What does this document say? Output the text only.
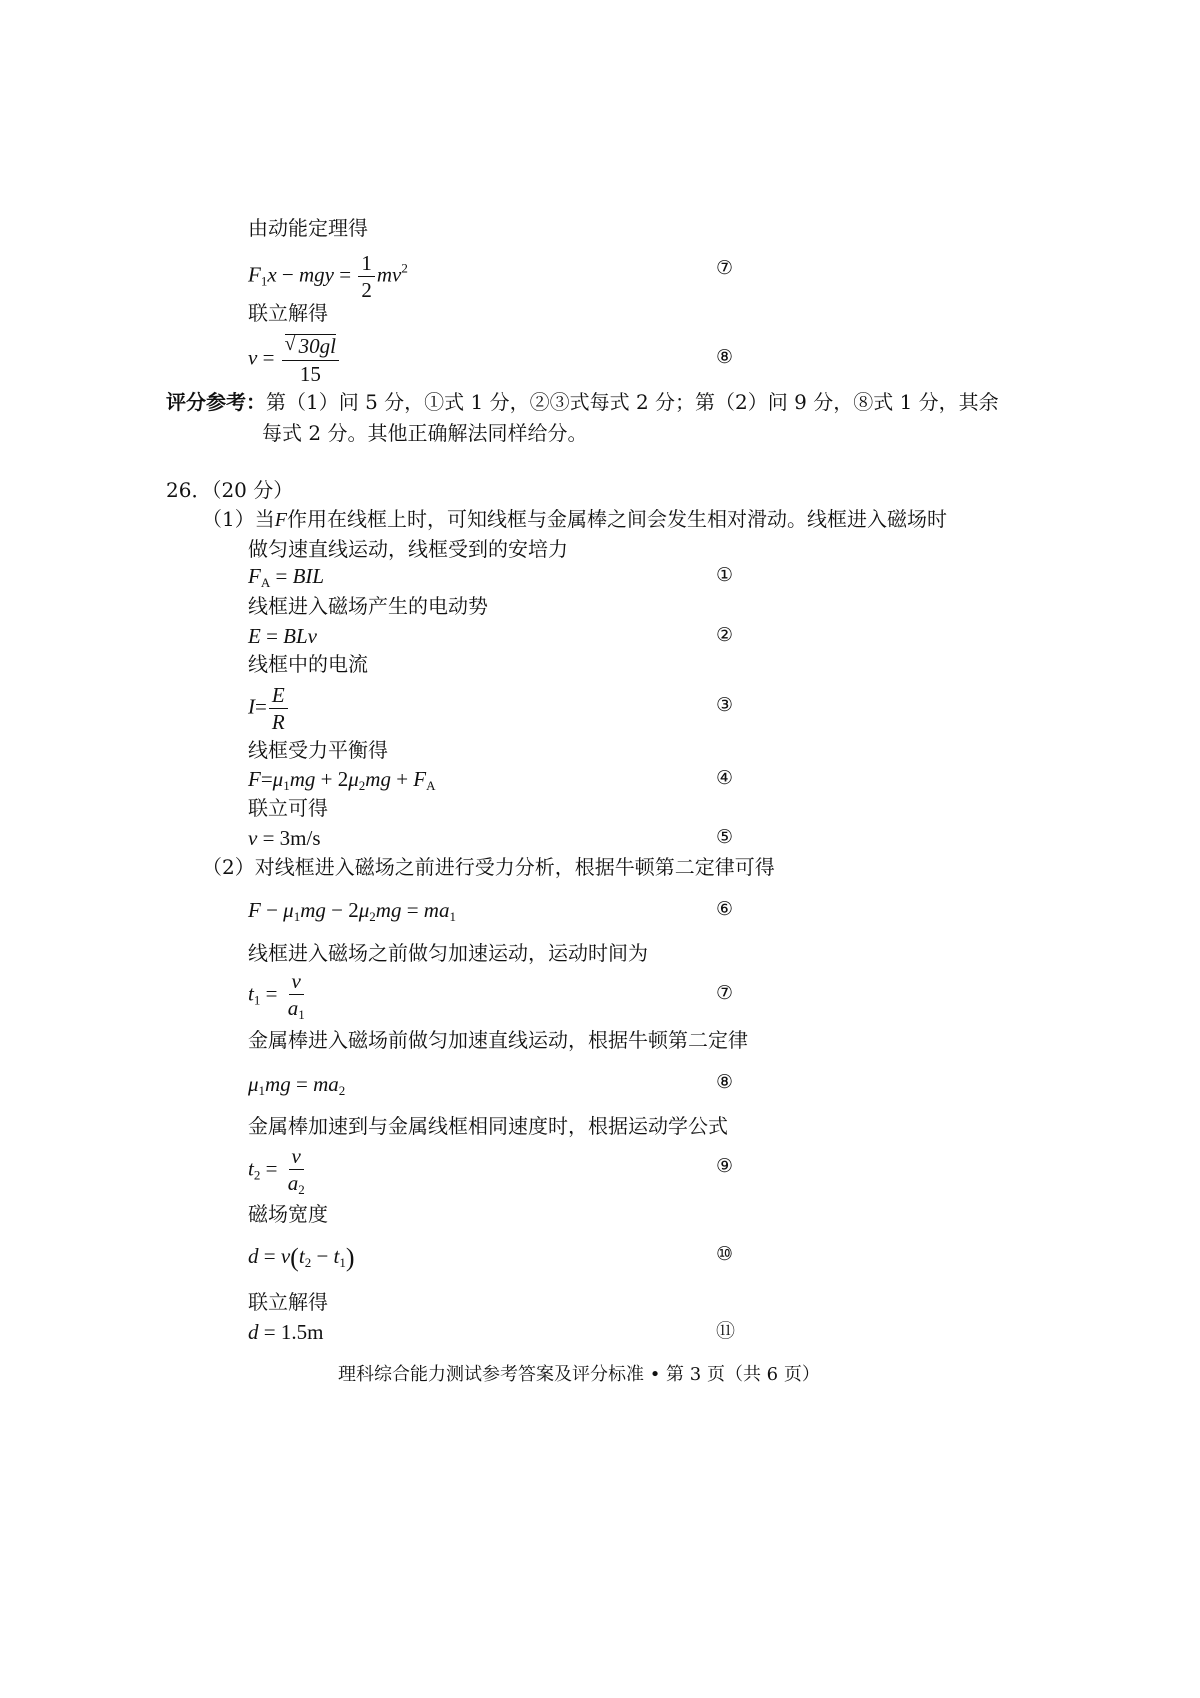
由动能定理得
$F_1x$ − mgy = $\frac{1}{2} mv^2$	⑦
联立解得
v =
√ $\frac{30gl}{15}$	⑧
评分参考：第（1）问 5 分，①式 1 分，②③式每式 2 分；第（2）问 9 分，⑧式 1 分，其余
每式 2 分。其他正确解法同样给分。
26．（20 分）
（1）当F作用在线框上时，可知线框与金属棒之间会发生相对滑动。线框进入磁场时
做匀速直线运动，线框受到的安培力
$F_A$ = BIL	①
线框进入磁场产生的电动势
E = BLv	②
线框中的电流
$I= \frac{E}{R}$	③
线框受力平衡得
$F=\mu_1mg + 2\mu_2mg + F_A$	④
联立可得
v = 3m/s	⑤
（2）对线框进入磁场之前进行受力分析，根据牛顿第二定律可得
$F - \mu_1mg - 2\mu_2mg = ma_1$	⑥
线框进入磁场之前做匀加速运动，运动时间为
$t_1 = \frac{v}{a_1}$	⑦
金属棒进入磁场前做匀加速直线运动，根据牛顿第二定律
$\mu_1mg = ma_2$	⑧
金属棒加速到与金属线框相同速度时，根据运动学公式
$t_2 = \frac{v}{a_2}$	⑨
磁场宽度
$d = v(t_2 - t_1)$	⑩
联立解得
d = 1.5m	⑪
理科综合能力测试参考答案及评分标准 • 第 3 页（共 6 页）
